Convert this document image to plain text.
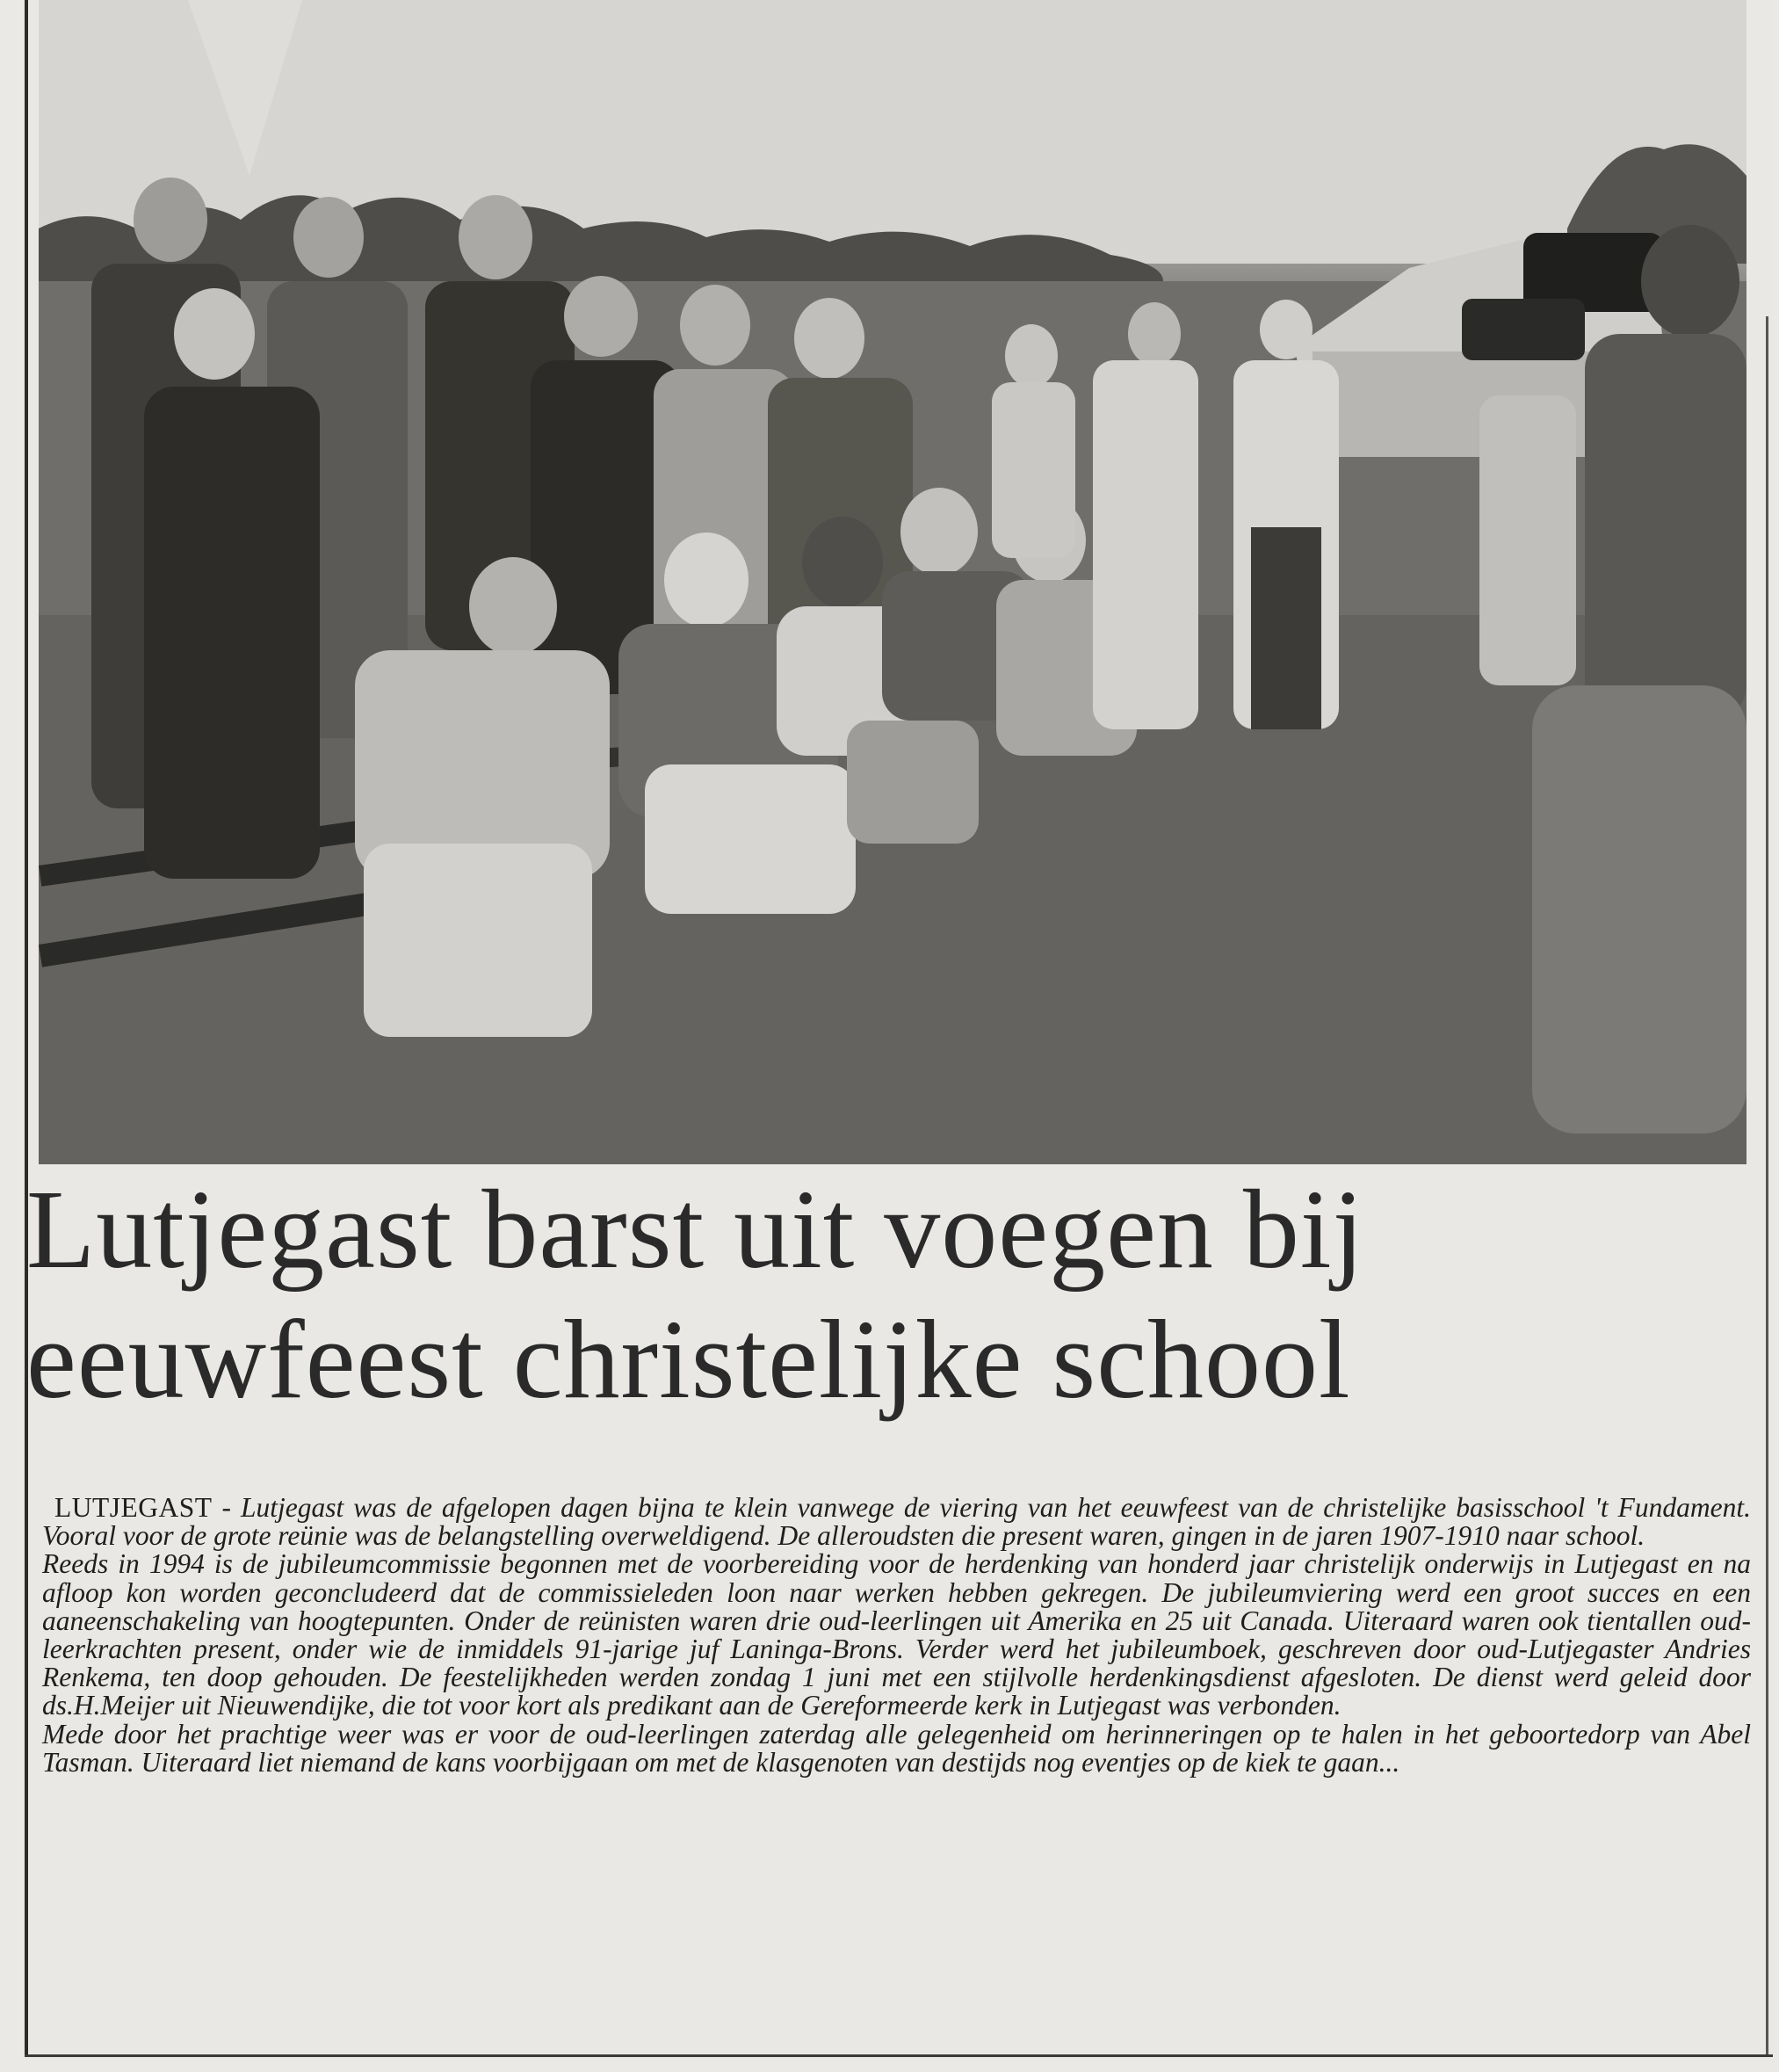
Lutjegast barst uit voegen bij
eeuwfeest christelijke school

LUTJEGAST - Lutjegast was de afgelopen dagen bijna te klein vanwege de viering van het eeuwfeest van de christelijke basisschool 't Fundament. Vooral voor de grote reünie was de belangstelling overweldigend. De alleroudsten die present waren, gingen in de jaren 1907-1910 naar school.

Reeds in 1994 is de jubileumcommissie begonnen met de voorbereiding voor de herdenking van honderd jaar christelijk onderwijs in Lutjegast en na afloop kon worden geconcludeerd dat de commissieleden loon naar werken hebben gekregen. De jubileumviering werd een groot succes en een aaneenschakeling van hoogtepunten. Onder de reünisten waren drie oud-leerlingen uit Amerika en 25 uit Canada. Uiteraard waren ook tientallen oud-leerkrachten present, onder wie de inmiddels 91-jarige juf Laninga-Brons. Verder werd het jubileumboek, geschreven door oud-Lutjegaster Andries Renkema, ten doop gehouden. De feestelijkheden werden zondag 1 juni met een stijlvolle herdenkingsdienst afgesloten. De dienst werd geleid door ds.H.Meijer uit Nieuwendijke, die tot voor kort als predikant aan de Gereformeerde kerk in Lutjegast was verbonden.

Mede door het prachtige weer was er voor de oud-leerlingen zaterdag alle gelegenheid om herinneringen op te halen in het geboortedorp van Abel Tasman. Uiteraard liet niemand de kans voorbijgaan om met de klasgenoten van destijds nog eventjes op de kiek te gaan...
